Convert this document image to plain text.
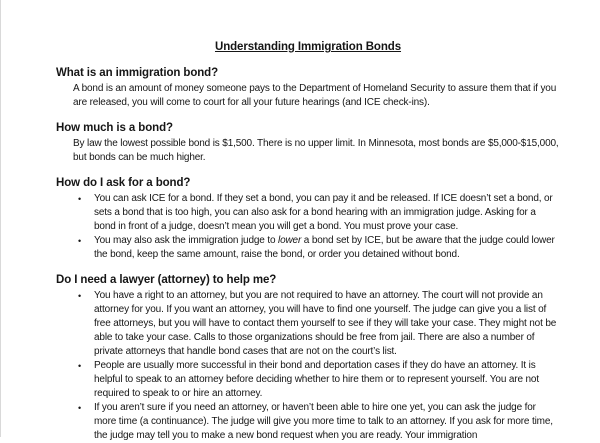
Understanding Immigration Bonds
What is an immigration bond?

A bond is an amount of money someone pays to the Department of Homeland Security to assure them that if you are released, you will come to court for all your future hearings (and ICE check-ins).

How much is a bond?

By law the lowest possible bond is $1,500. There is no upper limit. In Minnesota, most bonds are $5,000-$15,000, but bonds can be much higher.

How do I ask for a bond?
•	You can ask ICE for a bond. If they set a bond, you can pay it and be released. If ICE doesn’t set a bond, or sets a bond that is too high, you can also ask for a bond hearing with an immigration judge. Asking for a bond in front of a judge, doesn’t mean you will get a bond. You must prove your case.
•	You may also ask the immigration judge to lower a bond set by ICE, but be aware that the judge could lower the bond, keep the same amount, raise the bond, or order you detained without bond.
Do I need a lawyer (attorney) to help me?
•	You have a right to an attorney, but you are not required to have an attorney. The court will not provide an attorney for you. If you want an attorney, you will have to find one yourself. The judge can give you a list of free attorneys, but you will have to contact them yourself to see if they will take your case. They might not be able to take your case. Calls to those organizations should be free from jail. There are also a number of private attorneys that handle bond cases that are not on the court’s list.
•	People are usually more successful in their bond and deportation cases if they do have an attorney. It is helpful to speak to an attorney before deciding whether to hire them or to represent yourself. You are not required to speak to or hire an attorney.
•	If you aren’t sure if you need an attorney, or haven’t been able to hire one yet, you can ask the judge for more time (a continuance). The judge will give you more time to talk to an attorney. If you ask for more time, the judge may tell you to make a new bond request when you are ready. Your immigration
